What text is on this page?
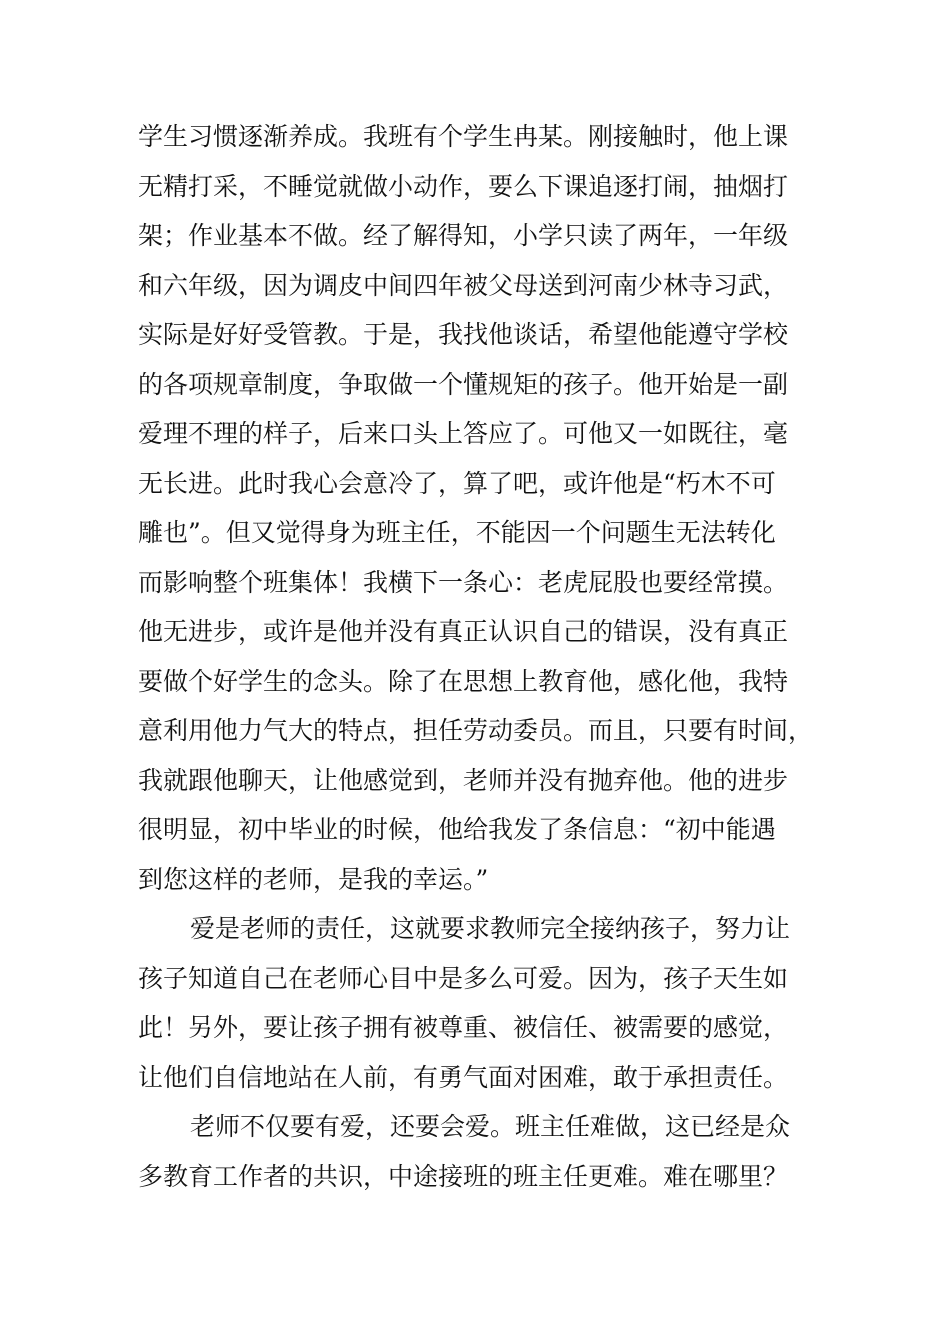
学生习惯逐渐养成。我班有个学生冉某。刚接触时，他上课
无精打采，不睡觉就做小动作，要么下课追逐打闹，抽烟打
架；作业基本不做。经了解得知，小学只读了两年，一年级
和六年级，因为调皮中间四年被父母送到河南少林寺习武，
实际是好好受管教。于是，我找他谈话，希望他能遵守学校
的各项规章制度，争取做一个懂规矩的孩子。他开始是一副
爱理不理的样子，后来口头上答应了。可他又一如既往，毫
无长进。此时我心会意冷了，算了吧，或许他是“朽木不可
雕也”。但又觉得身为班主任，不能因一个问题生无法转化
而影响整个班集体！我横下一条心：老虎屁股也要经常摸。
他无进步，或许是他并没有真正认识自己的错误，没有真正
要做个好学生的念头。除了在思想上教育他，感化他，我特
意利用他力气大的特点，担任劳动委员。而且，只要有时间，
我就跟他聊天，让他感觉到，老师并没有抛弃他。他的进步
很明显，初中毕业的时候，他给我发了条信息：“初中能遇
到您这样的老师，是我的幸运。”
爱是老师的责任，这就要求教师完全接纳孩子，努力让
孩子知道自己在老师心目中是多么可爱。因为，孩子天生如
此！另外，要让孩子拥有被尊重、被信任、被需要的感觉，
让他们自信地站在人前，有勇气面对困难，敢于承担责任。
老师不仅要有爱，还要会爱。班主任难做，这已经是众
多教育工作者的共识，中途接班的班主任更难。难在哪里？
